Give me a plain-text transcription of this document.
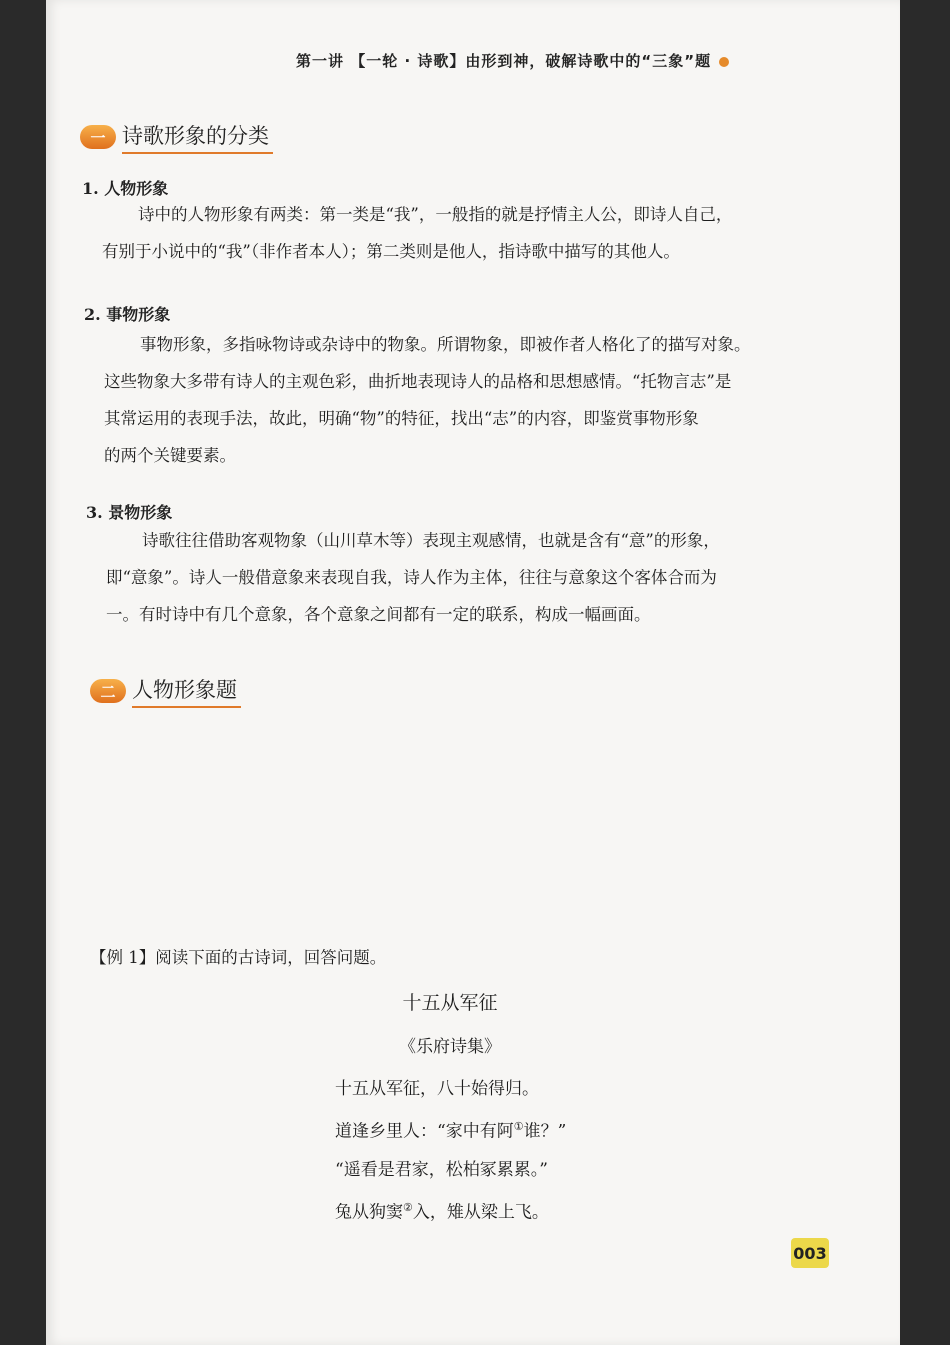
第一讲 【一轮 · 诗歌】由形到神，破解诗歌中的“三象”题
一 诗歌形象的分类
1. 人物形象

诗中的人物形象有两类：第一类是“我”，一般指的就是抒情主人公，即诗人自己，

有别于小说中的“我”（非作者本人）；第二类则是他人，指诗歌中描写的其他人。

2. 事物形象

事物形象，多指咏物诗或杂诗中的物象。所谓物象，即被作者人格化了的描写对象。

这些物象大多带有诗人的主观色彩，曲折地表现诗人的品格和思想感情。“托物言志”是

其常运用的表现手法，故此，明确“物”的特征，找出“志”的内容，即鉴赏事物形象

的两个关键要素。

3. 景物形象

诗歌往往借助客观物象（山川草木等）表现主观感情，也就是含有“意”的形象，

即“意象”。诗人一般借意象来表现自我，诗人作为主体，往往与意象这个客体合而为

一。有时诗中有几个意象，各个意象之间都有一定的联系，构成一幅画面。

二 人物形象题
【例 1】阅读下面的古诗词，回答问题。
十五从军征
《乐府诗集》
十五从军征，八十始得归。
道逢乡里人：“家中有阿①谁？”
“遥看是君家，松柏冢累累。”
兔从狗窦②入，雉从梁上飞。
003
